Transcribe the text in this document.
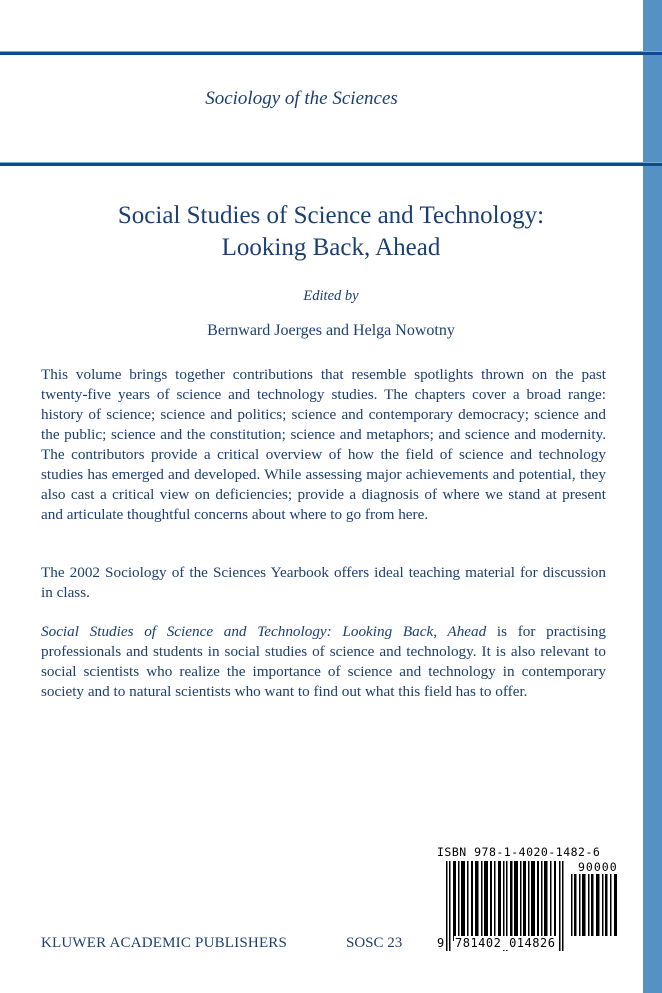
Sociology of the Sciences
Social Studies of Science and Technology:
Looking Back, Ahead
Edited by
Bernward Joerges and Helga Nowotny
This volume brings together contributions that resemble spotlights thrown on the past twenty-five years of science and technology studies. The chapters cover a broad range: history of science; science and politics; science and contemporary democracy; science and the public; science and the constitution; science and metaphors; and science and modernity. The contributors provide a critical overview of how the field of science and technology studies has emerged and developed. While assessing major achievements and potential, they also cast a critical view on deficiencies; provide a diagnosis of where we stand at present and articulate thoughtful concerns about where to go from here.
The 2002 Sociology of the Sciences Yearbook offers ideal teaching material for discussion in class.
Social Studies of Science and Technology: Looking Back, Ahead is for practising professionals and students in social studies of science and technology. It is also relevant to social scientists who realize the importance of science and technology in contemporary society and to natural scientists who want to find out what this field has to offer.
KLUWER ACADEMIC PUBLISHERS	SOSC 23
ISBN 978-1-4020-1482-6
90000
9 781402 014826
